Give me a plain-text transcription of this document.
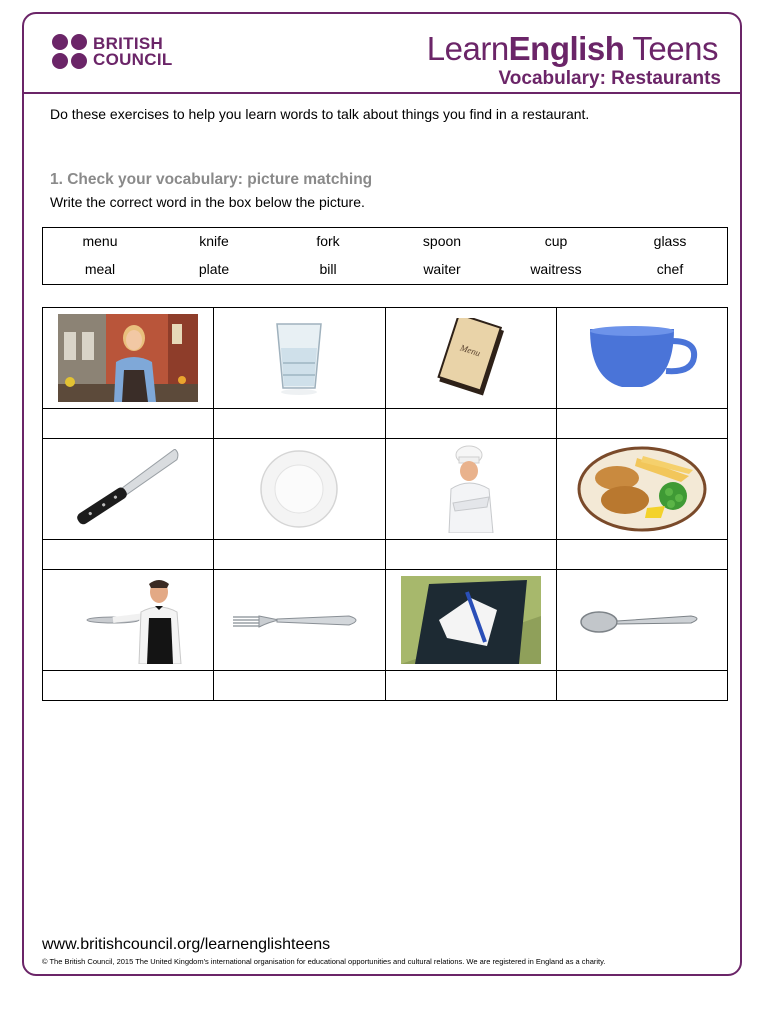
BRITISH
COUNCIL	LearnEnglish Teens
Vocabulary: Restaurants
Do these exercises to help you learn words to talk about things you find in a restaurant.
1. Check your vocabulary: picture matching
Write the correct word in the box below the picture.
menu	knife	fork	spoon	cup	glass
meal	plate	bill	waiter	waitress	chef

Menu

www.britishcouncil.org/learnenglishteens
© The British Council, 2015 The United Kingdom's international organisation for educational opportunities and cultural relations. We are registered in England as a charity.
